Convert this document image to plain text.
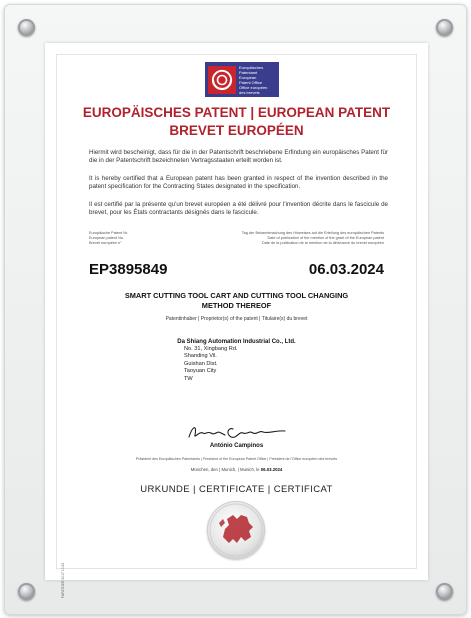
Europäisches
Patentamt
European
Patent Office
Office européen
des brevets
EUROPÄISCHES PATENT | EUROPEAN PATENT
BREVET EUROPÉEN
Hiermit wird bescheinigt, dass für die in der Patentschrift beschriebene Erfindung ein europäisches Patent für die in der Patentschrift bezeichneten Vertragsstaaten erteilt worden ist.
It is hereby certified that a European patent has been granted in respect of the invention described in the patent specification for the Contracting States designated in the specification.
Il est certifié par la présente qu'un brevet européen a été délivré pour l'invention décrite dans le fascicule de brevet, pour les États contractants désignés dans le fascicule.
Europäische Patent Nr.
European patent No.
Brevet européen n°
Tag der Bekanntmachung des Hinweises auf die Erteilung des europäischen Patents
Date of publication of the mention of the grant of the European patent
Date de la publication de la mention de la délivrance du brevet européen
EP3895849	06.03.2024
SMART CUTTING TOOL CART AND CUTTING TOOL CHANGING
METHOD THEREOF
Patentinhaber | Proprietor(s) of the patent | Titulaire(s) du brevet
Da Shiang Automation Industrial Co., Ltd.
No. 31, Xingbang Rd.
Shanding Vil.
Guishan Dist.
Taoyuan City
TW
António Campinos
Präsident des Europäischen Patentamts | President of the European Patent Office | Président de l'Office européen des brevets
München, den | Munich, | Munich, le 06.03.2024
URKUNDE | CERTIFICATE | CERTIFICAT
FAPATCER 2017 10.22
